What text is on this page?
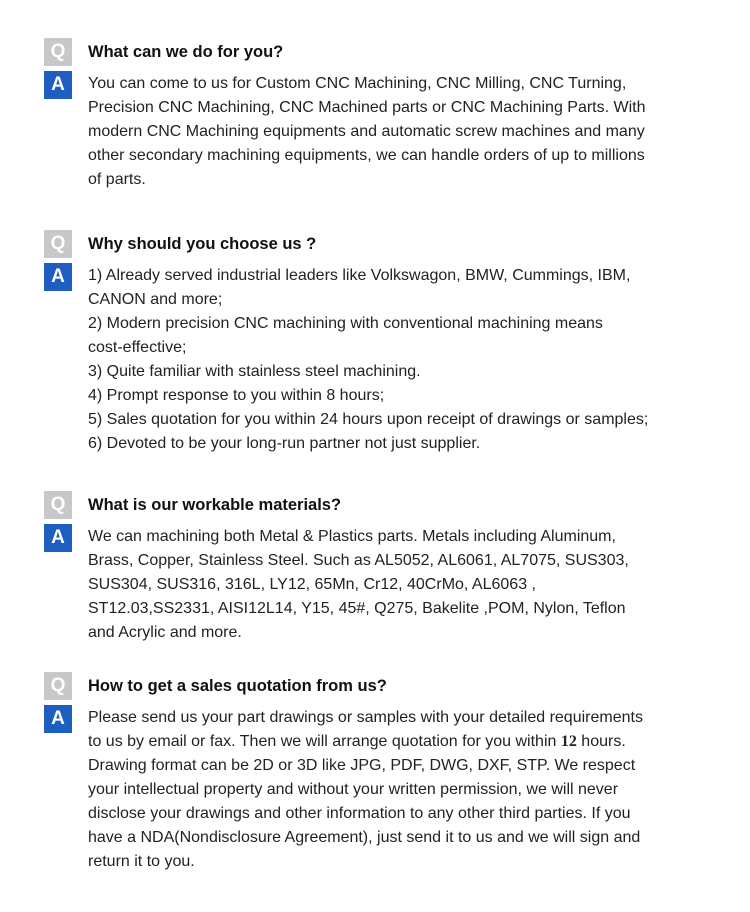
Q	What can we do for you?
A	You can come to us for Custom CNC Machining, CNC Milling, CNC Turning,
Precision CNC Machining, CNC Machined parts or CNC Machining Parts. With
modern CNC Machining equipments and automatic screw machines and many
other secondary machining equipments, we can handle orders of up to millions
of parts.
Q	Why should you choose us ?
A	1) Already served industrial leaders like Volkswagon, BMW, Cummings, IBM,
CANON and more;
2) Modern precision CNC machining with conventional machining means
cost-effective;
3) Quite familiar with stainless steel machining.
4) Prompt response to you within 8 hours;
5) Sales quotation for you within 24 hours upon receipt of drawings or samples;
6) Devoted to be your long-run partner not just supplier.
Q	What is our workable materials?
A	We can machining both Metal & Plastics parts. Metals including Aluminum,
Brass, Copper, Stainless Steel. Such as AL5052, AL6061, AL7075, SUS303,
SUS304, SUS316, 316L, LY12, 65Mn, Cr12, 40CrMo, AL6063 ,
ST12.03,SS2331, AISI12L14, Y15, 45#, Q275, Bakelite ,POM, Nylon, Teflon
and Acrylic and more.
Q	How to get a sales quotation from us?
A	Please send us your part drawings or samples with your detailed requirements
to us by email or fax. Then we will arrange quotation for you within 12 hours.
Drawing format can be 2D or 3D like JPG, PDF, DWG, DXF, STP. We respect
your intellectual property and without your written permission, we will never
disclose your drawings and other information to any other third parties. If you
have a NDA(Nondisclosure Agreement), just send it to us and we will sign and
return it to you.
